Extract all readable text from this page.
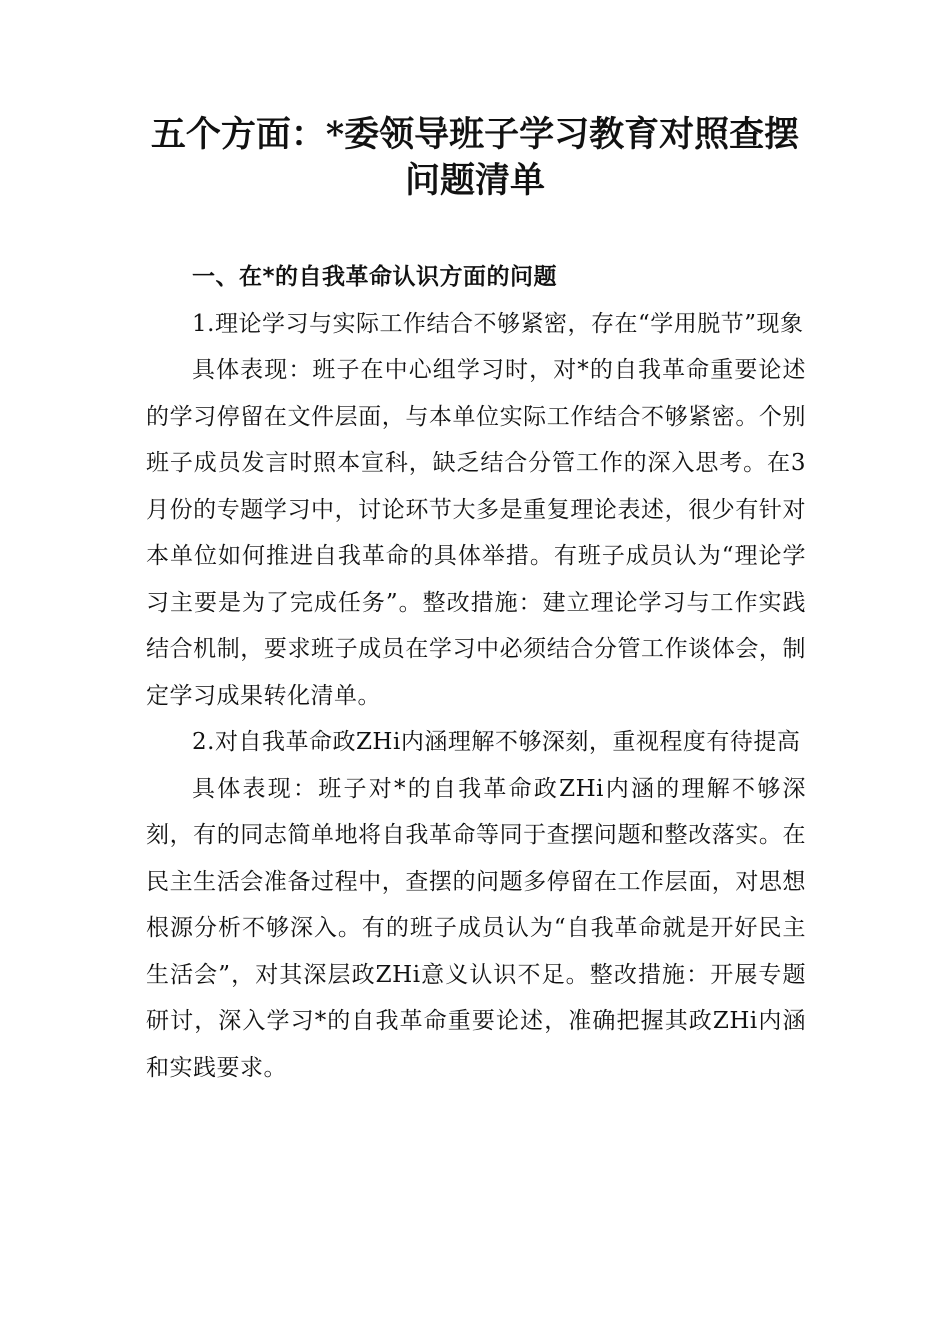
五个方面：*委领导班子学习教育对照查摆
问题清单

一、在*的自我革命认识方面的问题

1.理论学习与实际工作结合不够紧密，存在“学用脱节”现象

具体表现：班子在中心组学习时，对*的自我革命重要论述的学习停留在文件层面，与本单位实际工作结合不够紧密。个别班子成员发言时照本宣科，缺乏结合分管工作的深入思考。在3月份的专题学习中，讨论环节大多是重复理论表述，很少有针对本单位如何推进自我革命的具体举措。有班子成员认为“理论学习主要是为了完成任务”。整改措施：建立理论学习与工作实践结合机制，要求班子成员在学习中必须结合分管工作谈体会，制定学习成果转化清单。

2.对自我革命政ZHi内涵理解不够深刻，重视程度有待提高

具体表现：班子对*的自我革命政ZHi内涵的理解不够深刻，有的同志简单地将自我革命等同于查摆问题和整改落实。在民主生活会准备过程中，查摆的问题多停留在工作层面，对思想根源分析不够深入。有的班子成员认为“自我革命就是开好民主生活会”，对其深层政ZHi意义认识不足。整改措施：开展专题研讨，深入学习*的自我革命重要论述，准确把握其政ZHi内涵和实践要求。
